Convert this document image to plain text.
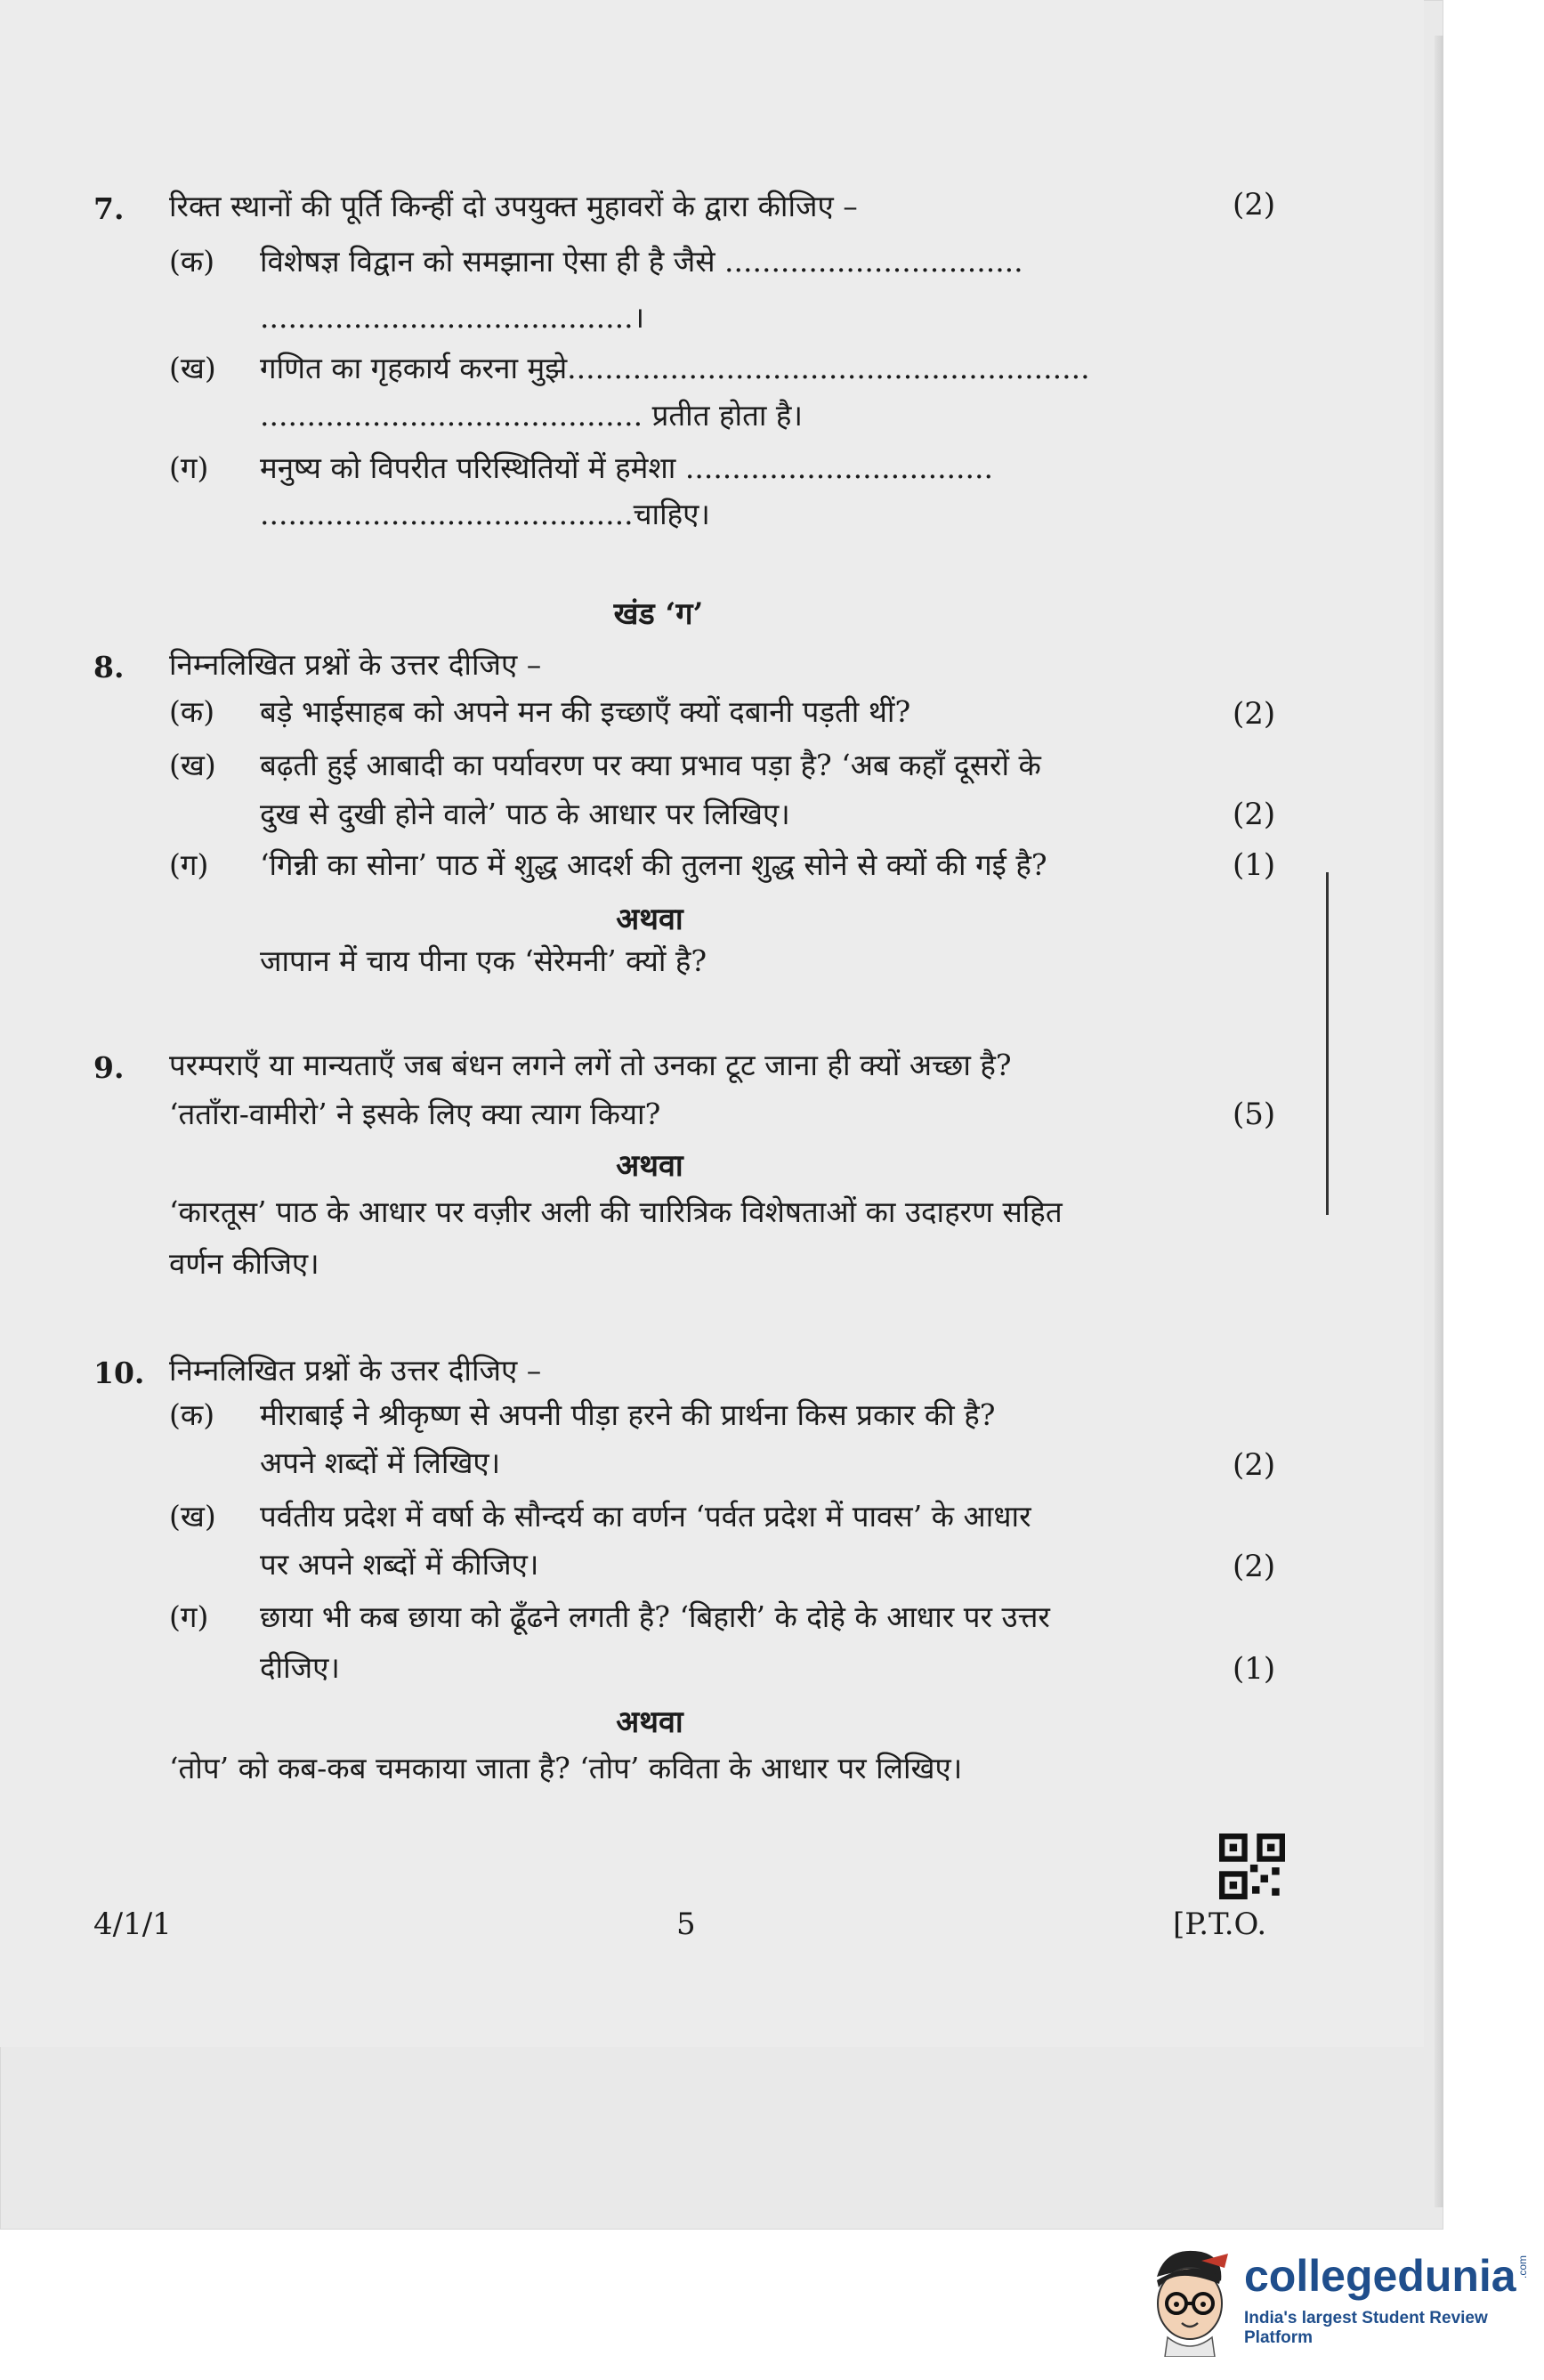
7. रिक्त स्थानों की पूर्ति किन्हीं दो उपयुक्त मुहावरों के द्वारा कीजिए –	(2)
(क) विशेषज्ञ विद्वान को समझाना ऐसा ही है जैसे ................................
........................................।
(ख) गणित का गृहकार्य करना मुझे........................................................
......................................... प्रतीत होता है।
(ग) मनुष्य को विपरीत परिस्थितियों में हमेशा .................................
........................................चाहिए।
खंड ‘ग’
8. निम्नलिखित प्रश्नों के उत्तर दीजिए –
(क) बड़े भाईसाहब को अपने मन की इच्छाएँ क्यों दबानी पड़ती थीं?	(2)
(ख) बढ़ती हुई आबादी का पर्यावरण पर क्या प्रभाव पड़ा है? ‘अब कहाँ दूसरों के
दुख से दुखी होने वाले’ पाठ के आधार पर लिखिए।	(2)
(ग) ‘गिन्नी का सोना’ पाठ में शुद्ध आदर्श की तुलना शुद्ध सोने से क्यों की गई है?	(1)
अथवा
जापान में चाय पीना एक ‘सेरेमनी’ क्यों है?
9. परम्पराएँ या मान्यताएँ जब बंधन लगने लगें तो उनका टूट जाना ही क्यों अच्छा है?
‘तताँरा-वामीरो’ ने इसके लिए क्या त्याग किया?	(5)
अथवा
‘कारतूस’ पाठ के आधार पर वज़ीर अली की चारित्रिक विशेषताओं का उदाहरण सहित
वर्णन कीजिए।
10. निम्नलिखित प्रश्नों के उत्तर दीजिए –
(क) मीराबाई ने श्रीकृष्ण से अपनी पीड़ा हरने की प्रार्थना किस प्रकार की है?
अपने शब्दों में लिखिए।	(2)
(ख) पर्वतीय प्रदेश में वर्षा के सौन्दर्य का वर्णन ‘पर्वत प्रदेश में पावस’ के आधार
पर अपने शब्दों में कीजिए।	(2)
(ग) छाया भी कब छाया को ढूँढने लगती है? ‘बिहारी’ के दोहे के आधार पर उत्तर
दीजिए।	(1)
अथवा
‘तोप’ को कब-कब चमकाया जाता है? ‘तोप’ कविता के आधार पर लिखिए।
4/1/1	5	[P.T.O.
collegedunia .com
India's largest Student Review Platform
